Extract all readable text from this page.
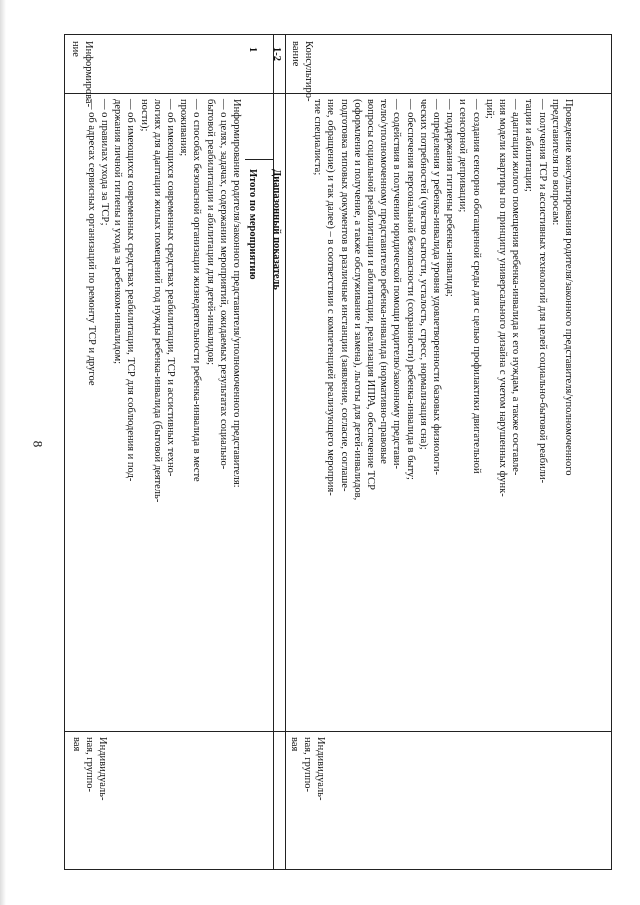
8
Информирова-
ние
Информирование родителя/законного представителя/уполномоченного представителя:
— о целях, задачах, содержании мероприятий, ожидаемых результатах социально-
бытовой реабилитации и абилитации для детей-инвалидов;
— о способах безопасной организации жизнедеятельности ребенка-инвалида в месте
проживания;
— об имеющихся современных средствах реабилитации, ТСР и ассистивных техно-
логиях для адаптации жилых помещений под нужды ребенка-инвалида (бытовой деятель-
ности);
— об имеющихся современных средствах реабилитации, ТСР для соблюдения и под-
держания личной гигиены и ухода за ребенком-инвалидом;
— о правилах ухода за ТСР;
— об адресах сервисных организаций по ремонту ТСР и другое
Индивидуаль-
ная, группо-
вая
Итого по мероприятию
1
Диапазонный показатель
1-2 Консультиро-
вание
Проведение консультирования родителя/законного представителя/уполномоченного
представителя по вопросам:
— получения ТСР и ассистивных технологий для целей социально-бытовой реабили-
тации и абилитации;
— адаптации жилого помещения ребенка-инвалида к его нуждам, а также составле-
ния модели квартиры по принципу универсального дизайна с учетом нарушенных функ-
ций;
— создания сенсорно обогащенной среды для с целью профилактики двигательной
и сенсорной депривации;
— поддержания гигиены ребенка-инвалида;
— определения у ребенка-инвалида уровня удовлетворенности базовых физиологи-
ческих потребностей (чувство сытости, усталость, стресс, нормализация сна);
— обеспечения персональной безопасности (сохранности) ребенка-инвалида в быту;
— содействия в получении юридической помощи родителю/законному представи-
телю/уполномоченному представителю ребенка-инвалида (нормативно-правовые
вопросы социальной реабилитации и абилитации, реализация ИПРА, обеспечение ТСР
(оформление и получение, а также обслуживание и замена), льготы для детей-инвалидов,
подготовка типовых документов в различные инстанции (заявление, согласие, соглаше-
ние, обращение) и так далее) – в соответствии с компетенцией реализующего мероприя-
тие специалиста;
Индивидуаль-
ная, группо-
вая
